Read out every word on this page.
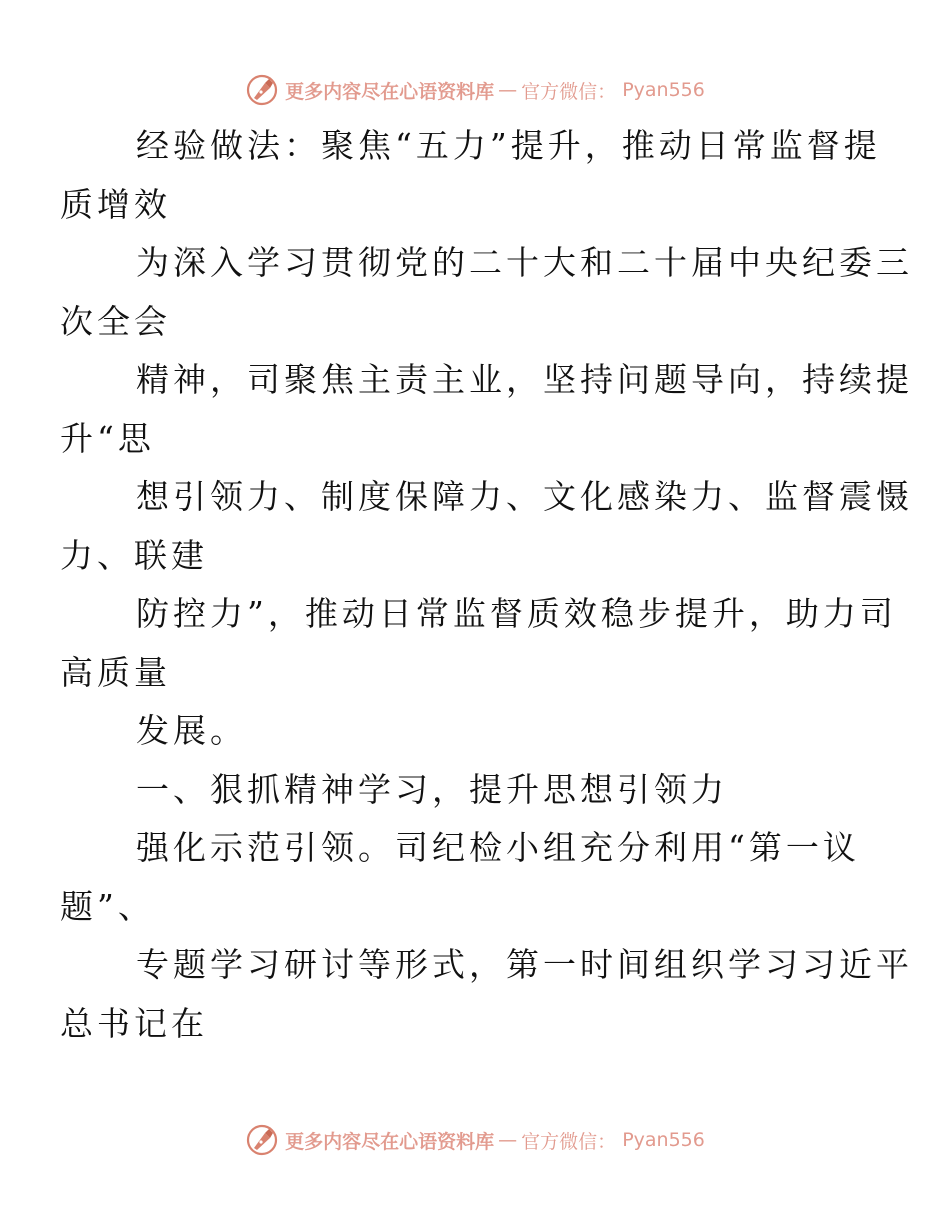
更多内容尽在心语资料库 — 官方微信： Pyan556

经验做法：聚焦“五力”提升，推动日常监督提
质增效

为深入学习贯彻党的二十大和二十届中央纪委三
次全会

精神，司聚焦主责主业，坚持问题导向，持续提
升“思

想引领力、制度保障力、文化感染力、监督震慑
力、联建

防控力”，推动日常监督质效稳步提升，助力司
高质量

发展。

一、狠抓精神学习，提升思想引领力

强化示范引领。司纪检小组充分利用“第一议
题”、

专题学习研讨等形式，第一时间组织学习习近平
总书记在

更多内容尽在心语资料库 — 官方微信： Pyan556
